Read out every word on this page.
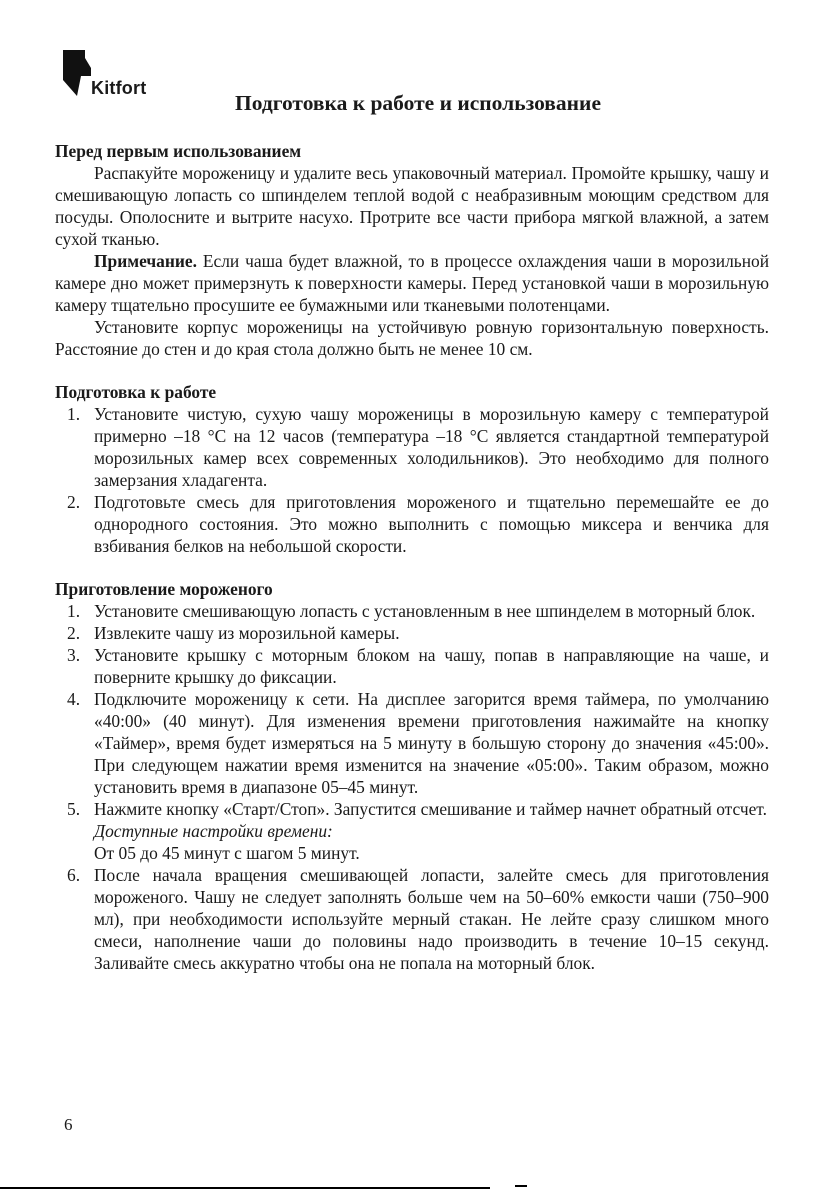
Kitfort
Подготовка к работе и использование

Перед первым использованием

Распакуйте мороженицу и удалите весь упаковочный материал. Промойте крышку, чашу и смешивающую лопасть со шпинделем теплой водой с неабразивным моющим средством для посуды. Ополосните и вытрите насухо. Протрите все части прибора мягкой влажной, а затем сухой тканью.

Примечание. Если чаша будет влажной, то в процессе охлаждения чаши в морозильной камере дно может примерзнуть к поверхности камеры. Перед установкой чаши в морозильную камеру тщательно просушите ее бумажными или тканевыми полотенцами.

Установите корпус мороженицы на устойчивую ровную горизонтальную поверхность. Расстояние до стен и до края стола должно быть не менее 10 см.

Подготовка к работе

1. Установите чистую, сухую чашу мороженицы в морозильную камеру с температурой примерно –18 °С на 12 часов (температура –18 °С является стандартной температурой морозильных камер всех современных холодильников). Это необходимо для полного замерзания хладагента.
2. Подготовьте смесь для приготовления мороженого и тщательно перемешайте ее до однородного состояния. Это можно выполнить с помощью миксера и венчика для взбивания белков на небольшой скорости.

Приготовление мороженого

1. Установите смешивающую лопасть с установленным в нее шпинделем в моторный блок.
2. Извлеките чашу из морозильной камеры.
3. Установите крышку с моторным блоком на чашу, попав в направляющие на чаше, и поверните крышку до фиксации.
4. Подключите мороженицу к сети. На дисплее загорится время таймера, по умолчанию «40:00» (40 минут). Для изменения времени приготовления нажимайте на кнопку «Таймер», время будет измеряться на 5 минуту в большую сторону до значения «45:00». При следующем нажатии время изменится на значение «05:00». Таким образом, можно установить время в диапазоне 05–45 минут.
5. Нажмите кнопку «Старт/Стоп». Запустится смешивание и таймер начнет обратный отсчет.

Доступные настройки времени:

От 05 до 45 минут с шагом 5 минут.

6. После начала вращения смешивающей лопасти, залейте смесь для приготовления мороженого. Чашу не следует заполнять больше чем на 50–60% емкости чаши (750–900 мл), при необходимости используйте мерный стакан. Не лейте сразу слишком много смеси, наполнение чаши до половины надо производить в течение 10–15 секунд. Заливайте смесь аккуратно чтобы она не попала на моторный блок.
6
